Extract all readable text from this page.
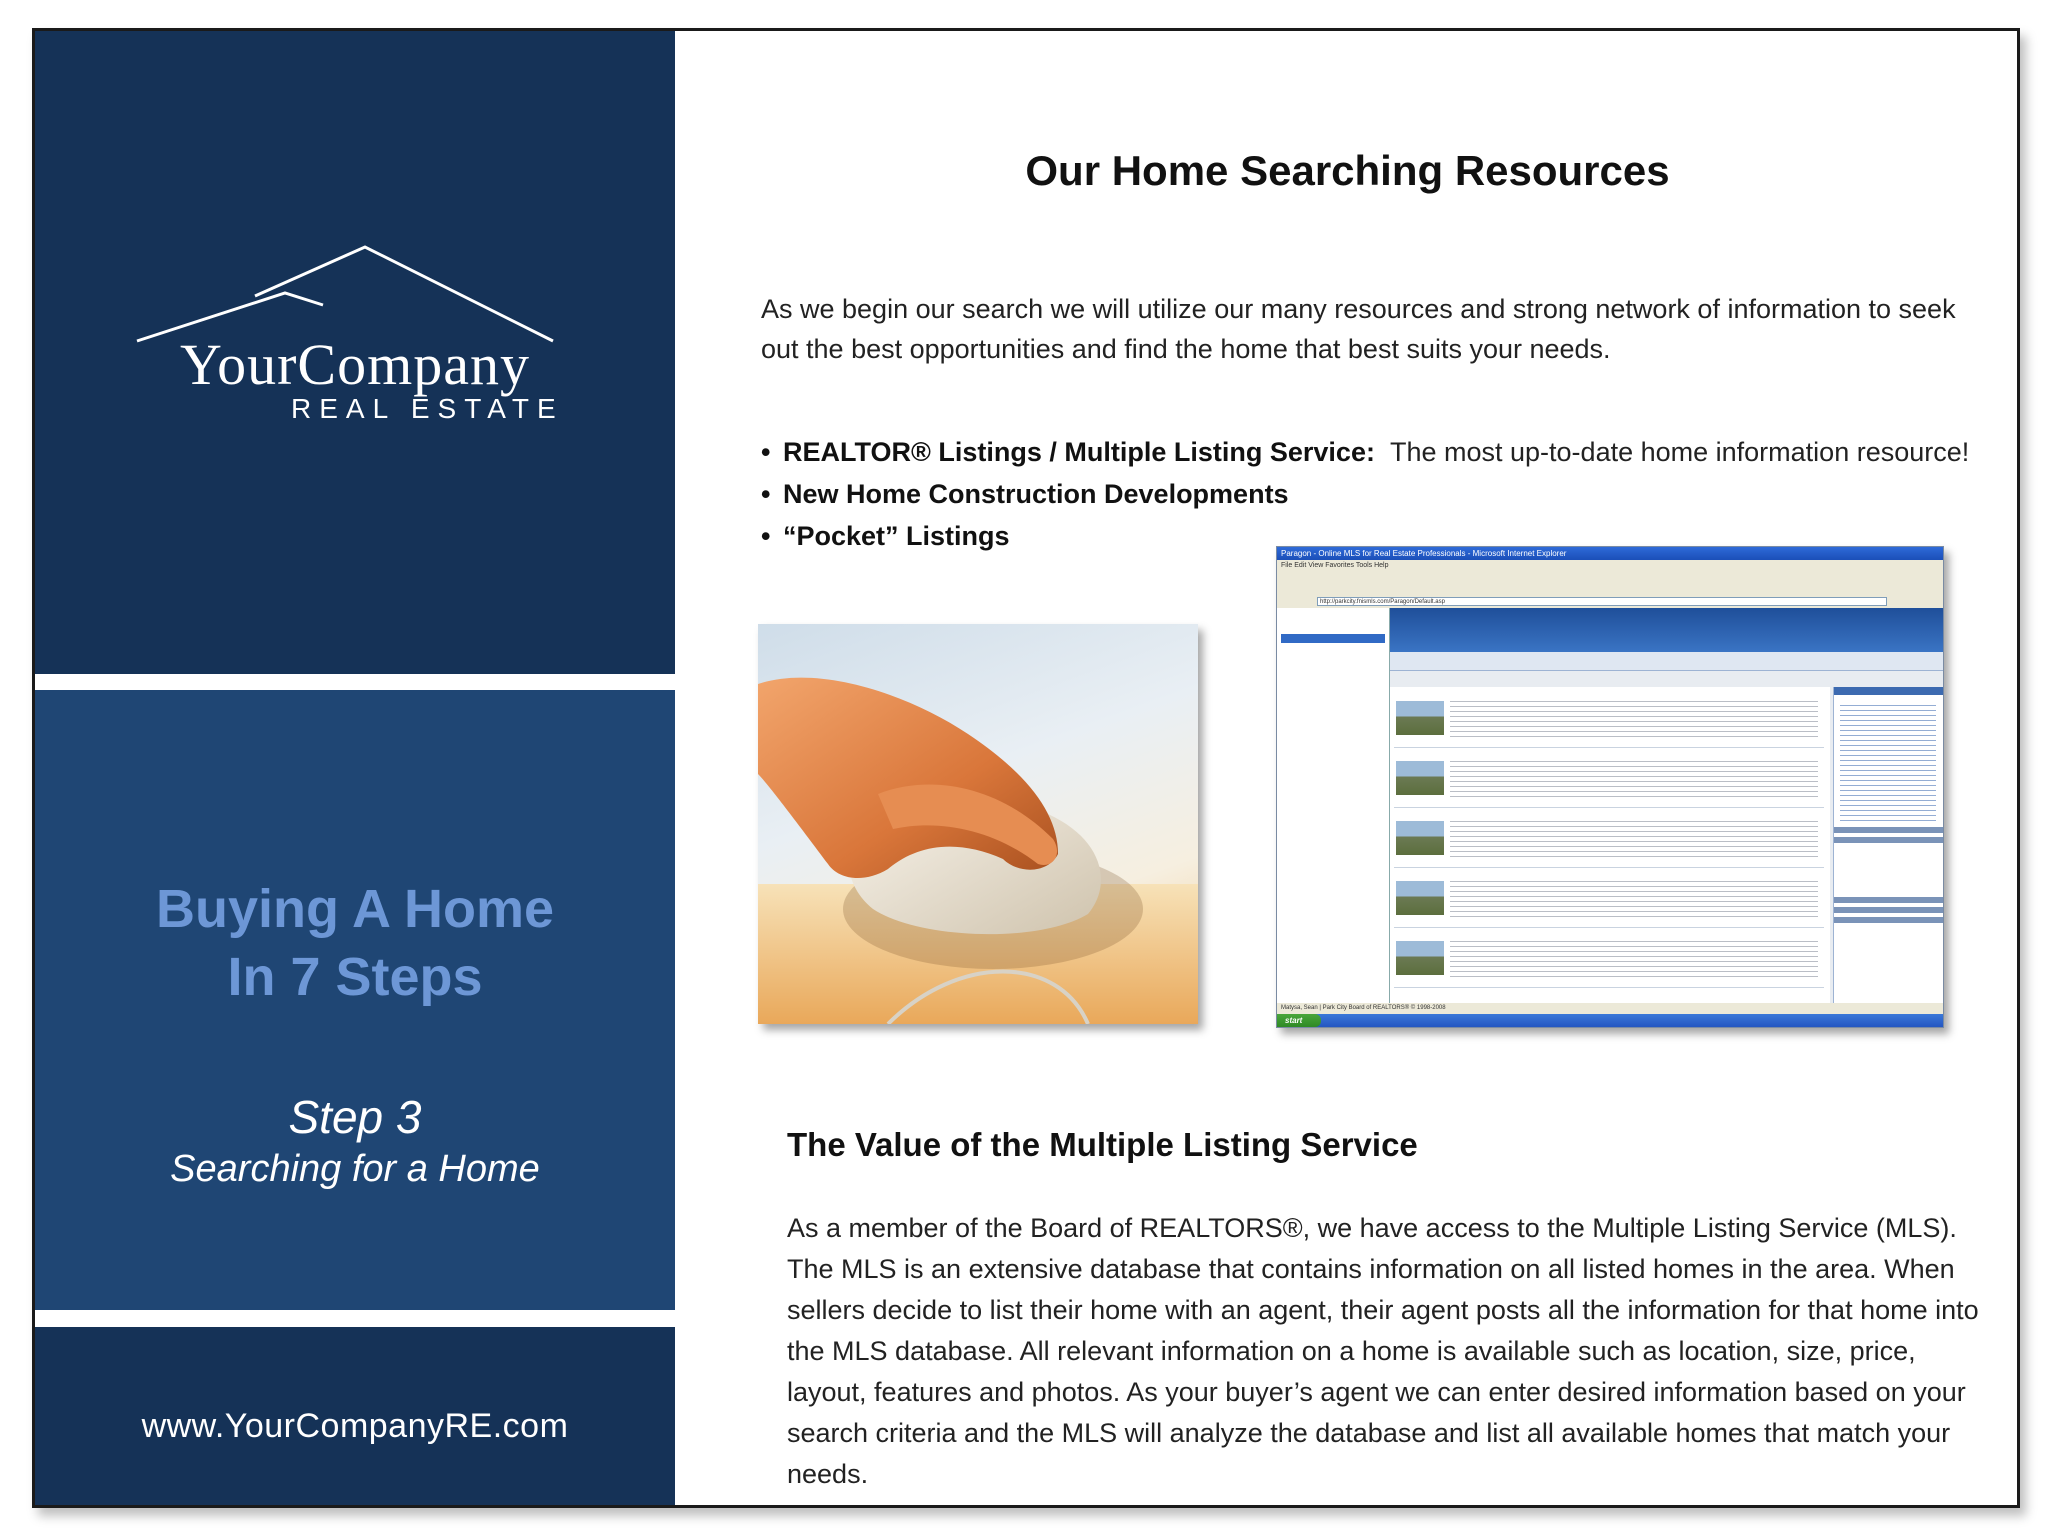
YourCompany
REAL ESTATE
Buying A Home
In 7 Steps
Step 3
Searching for a Home
www.YourCompanyRE.com
Our Home Searching Resources
As we begin our search we will utilize our many resources and strong network of information to seek out the best opportunities and find the home that best suits your needs.
• REALTOR® Listings / Multiple Listing Service: The most up-to-date home information resource!
• New Home Construction Developments
• “Pocket” Listings
Paragon - Online MLS for Real Estate Professionals - Microsoft Internet Explorer
File Edit View Favorites Tools Help
http://parkcity.fnismls.com/Paragon/Default.asp
Matysa, Sean | Park City Board of REALTORS® © 1998-2008
start
The Value of the Multiple Listing Service

As a member of the Board of REALTORS®, we have access to the Multiple Listing Service (MLS).

The MLS is an extensive database that contains information on all listed homes in the area. When sellers decide to list their home with an agent, their agent posts all the information for that home into the MLS database. All relevant information on a home is available such as location, size, price, layout, features and photos. As your buyer’s agent we can enter desired information based on your search criteria and the MLS will analyze the database and list all available homes that match your needs.
